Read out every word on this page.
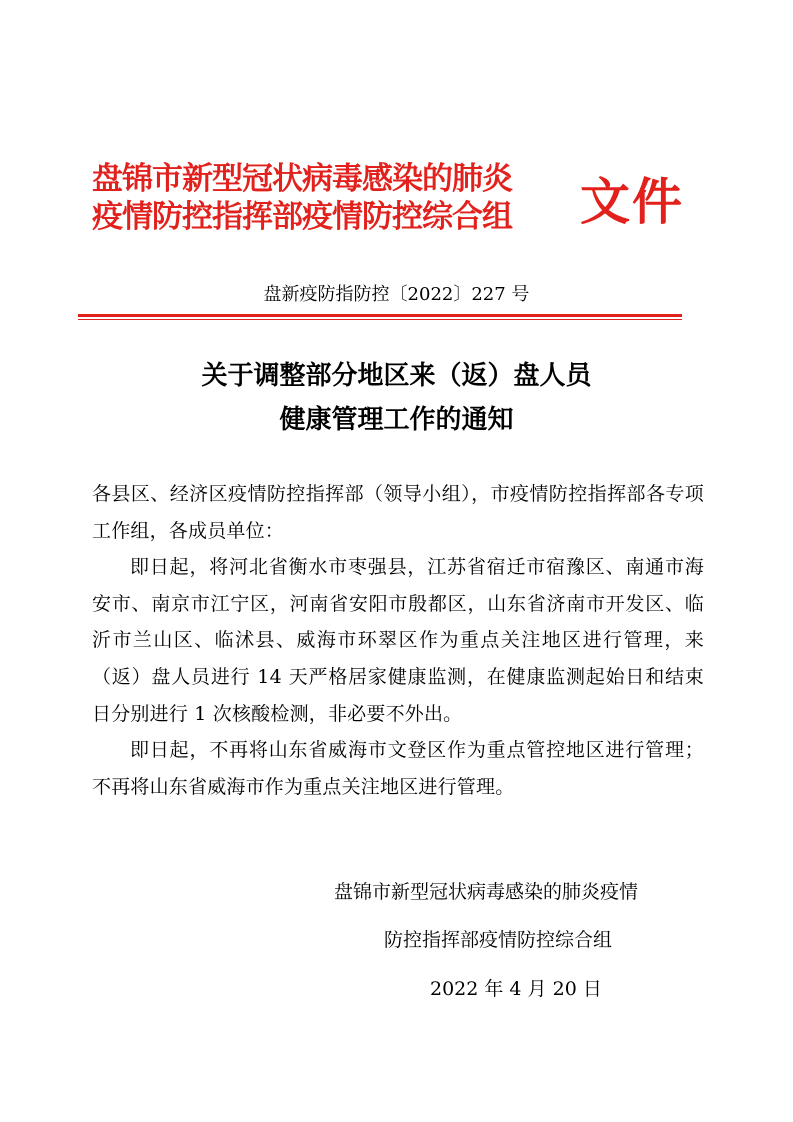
盘锦市新型冠状病毒感染的肺炎
疫情防控指挥部疫情防控综合组 文件
盘新疫防指防控〔2022〕227 号
关于调整部分地区来（返）盘人员
健康管理工作的通知

各县区、经济区疫情防控指挥部（领导小组），市疫情防控指挥部各专项工作组，各成员单位：

即日起，将河北省衡水市枣强县，江苏省宿迁市宿豫区、南通市海安市、南京市江宁区，河南省安阳市殷都区，山东省济南市开发区、临沂市兰山区、临沭县、威海市环翠区作为重点关注地区进行管理，来（返）盘人员进行 14 天严格居家健康监测，在健康监测起始日和结束日分别进行 1 次核酸检测，非必要不外出。

即日起，不再将山东省威海市文登区作为重点管控地区进行管理；不再将山东省威海市作为重点关注地区进行管理。

盘锦市新型冠状病毒感染的肺炎疫情
防控指挥部疫情防控综合组
2022 年 4 月 20 日
